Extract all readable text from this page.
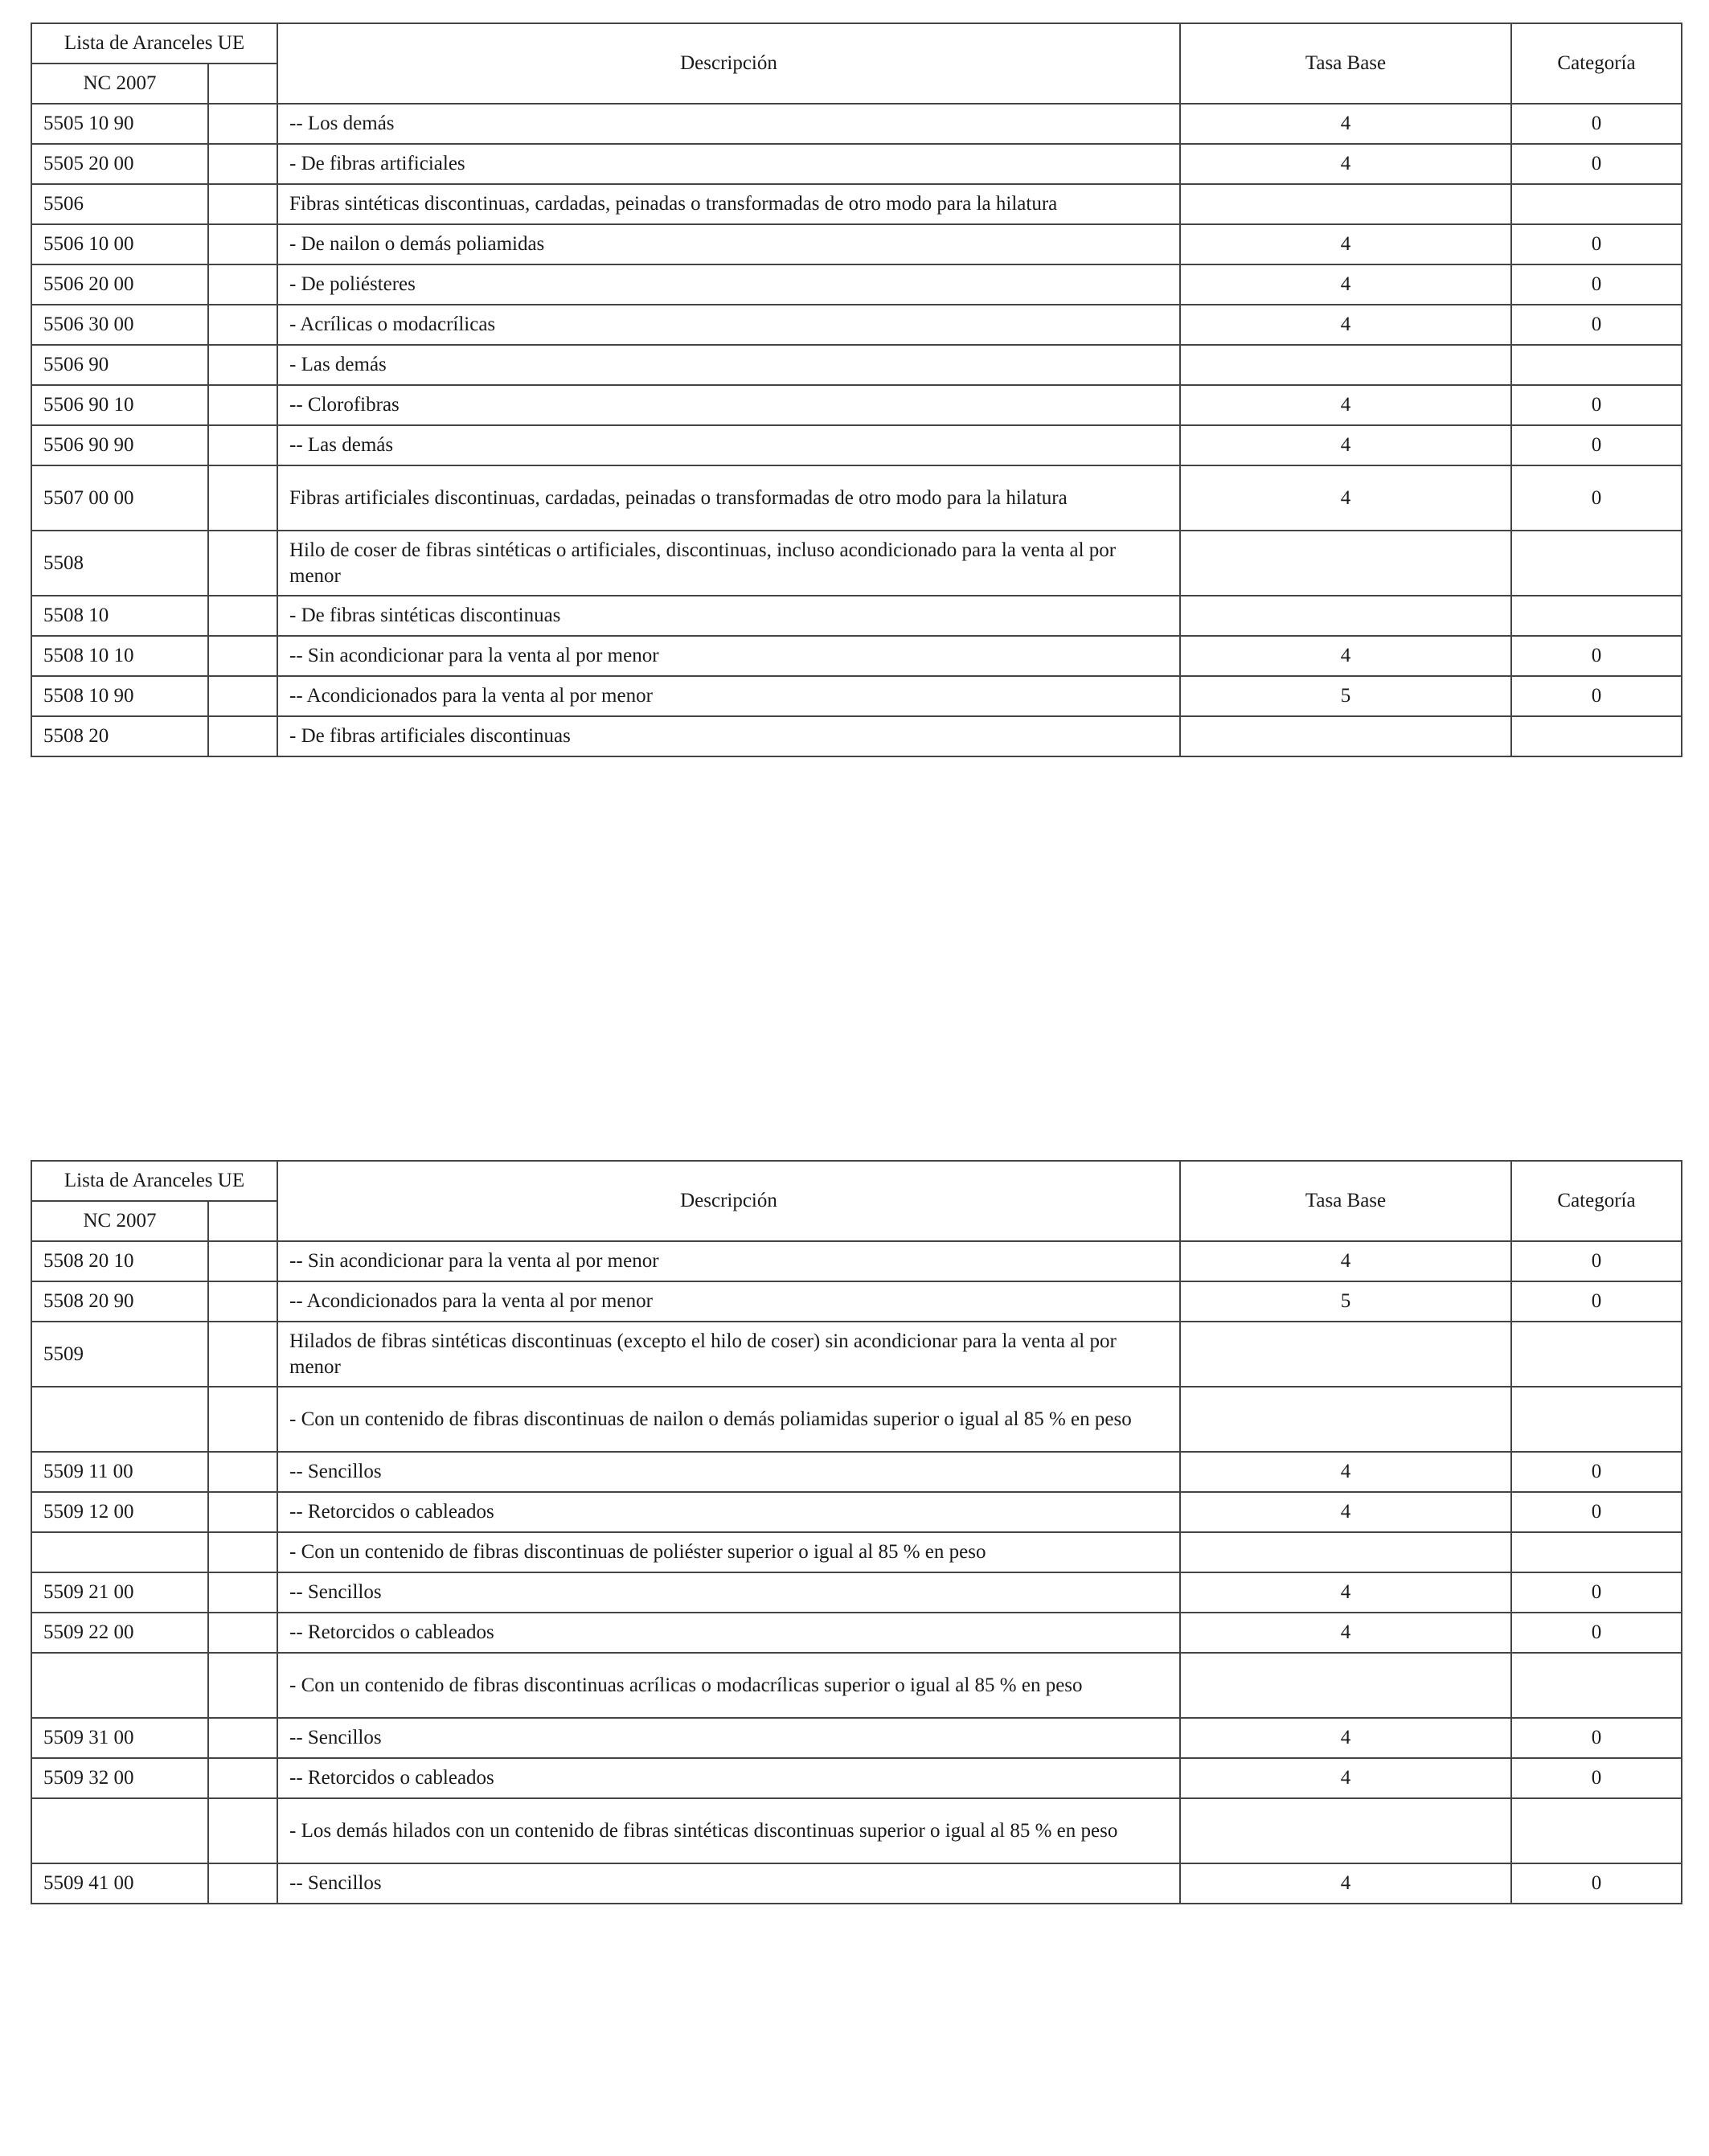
Lista de Aranceles UE		Descripción	Tasa Base	Categoría
NC 2007				
5505 10 90		-- Los demás	4	0
5505 20 00		- De fibras artificiales	4	0
5506		Fibras sintéticas discontinuas, cardadas, peinadas o transformadas de otro modo para la hilatura		
5506 10 00		- De nailon o demás poliamidas	4	0
5506 20 00		- De poliésteres	4	0
5506 30 00		- Acrílicas o modacrílicas	4	0
5506 90		- Las demás		
5506 90 10		-- Clorofibras	4	0
5506 90 90		-- Las demás	4	0
5507 00 00		Fibras artificiales discontinuas, cardadas, peinadas o transformadas de otro modo para la hilatura	4	0
5508		Hilo de coser de fibras sintéticas o artificiales, discontinuas, incluso acondicionado para la venta al por menor		
5508 10		- De fibras sintéticas discontinuas		
5508 10 10		-- Sin acondicionar para la venta al por menor	4	0
5508 10 90		-- Acondicionados para la venta al por menor	5	0
5508 20		- De fibras artificiales discontinuas		
Lista de Aranceles UE		Descripción	Tasa Base	Categoría
NC 2007				
5508 20 10		-- Sin acondicionar para la venta al por menor	4	0
5508 20 90		-- Acondicionados para la venta al por menor	5	0
5509		Hilados de fibras sintéticas discontinuas (excepto el hilo de coser) sin acondicionar para la venta al por menor		
		- Con un contenido de fibras discontinuas de nailon o demás poliamidas superior o igual al 85 % en peso		
5509 11 00		-- Sencillos	4	0
5509 12 00		-- Retorcidos o cableados	4	0
		- Con un contenido de fibras discontinuas de poliéster superior o igual al 85 % en peso		
5509 21 00		-- Sencillos	4	0
5509 22 00		-- Retorcidos o cableados	4	0
		- Con un contenido de fibras discontinuas acrílicas o modacrílicas superior o igual al 85 % en peso		
5509 31 00		-- Sencillos	4	0
5509 32 00		-- Retorcidos o cableados	4	0
		- Los demás hilados con un contenido de fibras sintéticas discontinuas superior o igual al 85 % en peso		
5509 41 00		-- Sencillos	4	0
